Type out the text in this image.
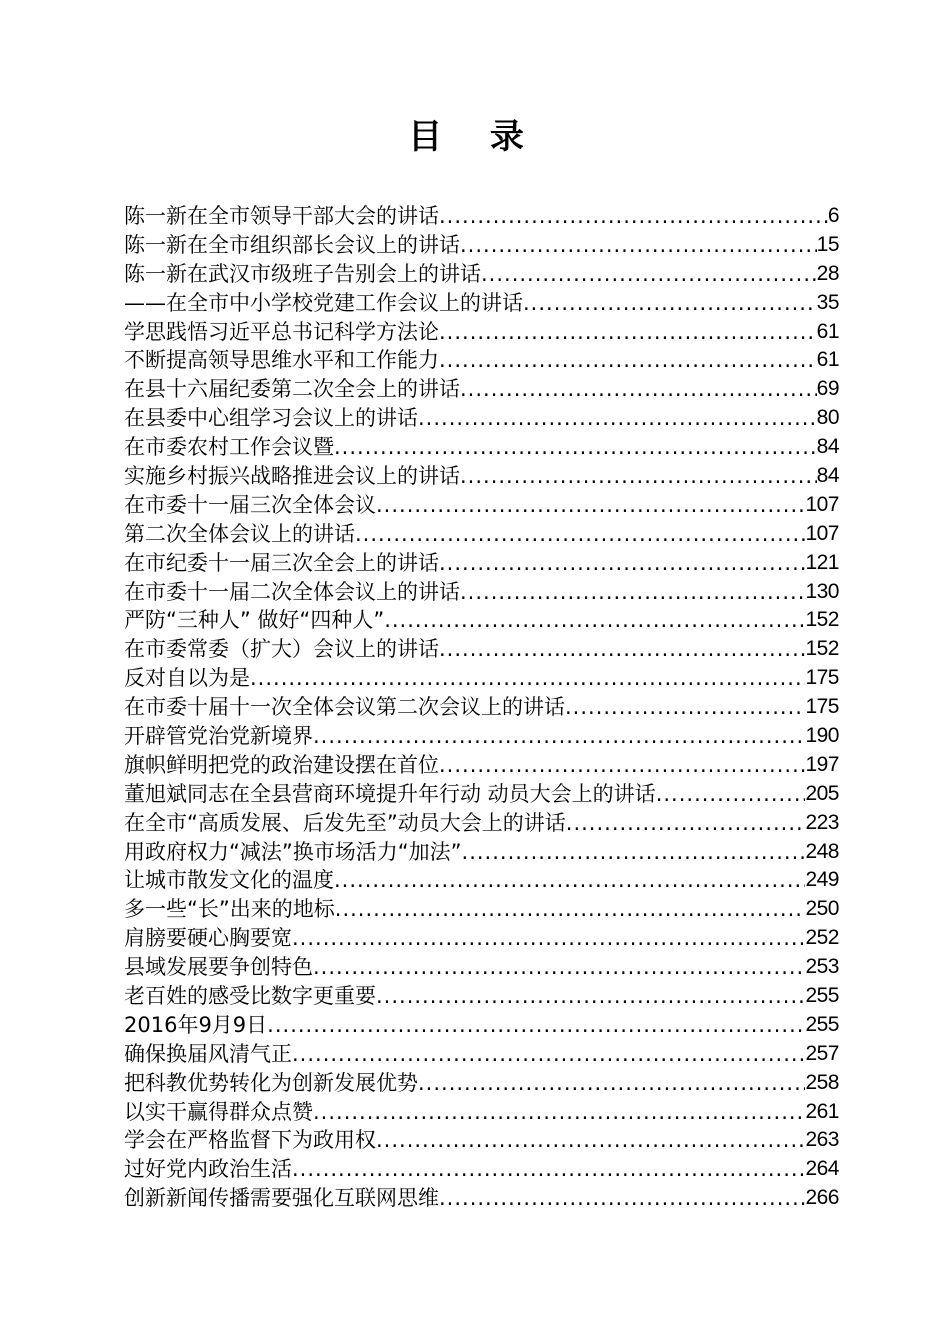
目 录
陈一新在全市领导干部大会的讲话 .....	6
陈一新在全市组织部长会议上的讲话 .....	15
陈一新在武汉市级班子告别会上的讲话 .....	28
——在全市中小学校党建工作会议上的讲话 .....	35
学思践悟习近平总书记科学方法论 .....	61
不断提高领导思维水平和工作能力 .....	61
在县十六届纪委第二次全会上的讲话 .....	69
在县委中心组学习会议上的讲话 .....	80
在市委农村工作会议暨 .....	84
实施乡村振兴战略推进会议上的讲话 .....	84
在市委十一届三次全体会议 .....	107
第二次全体会议上的讲话 .....	107
在市纪委十一届三次全会上的讲话 .....	121
在市委十一届二次全体会议上的讲话 .....	130
严防“三种人” 做好“四种人” .....	152
在市委常委（扩大）会议上的讲话 .....	152
反对自以为是 .....	175
在市委十届十一次全体会议第二次会议上的讲话 .....	175
开辟管党治党新境界 .....	190
旗帜鲜明把党的政治建设摆在首位 .....	197
董旭斌同志在全县营商环境提升年行动 动员大会上的讲话 .....	205
在全市“高质发展、后发先至”动员大会上的讲话 .....	223
用政府权力“减法”换市场活力“加法” .....	248
让城市散发文化的温度 .....	249
多一些“长”出来的地标 .....	250
肩膀要硬心胸要宽 .....	252
县域发展要争创特色 .....	253
老百姓的感受比数字更重要 .....	255
2016年9月9日 .....	255
确保换届风清气正 .....	257
把科教优势转化为创新发展优势 .....	258
以实干赢得群众点赞 .....	261
学会在严格监督下为政用权 .....	263
过好党内政治生活 .....	264
创新新闻传播需要强化互联网思维 .....	266
